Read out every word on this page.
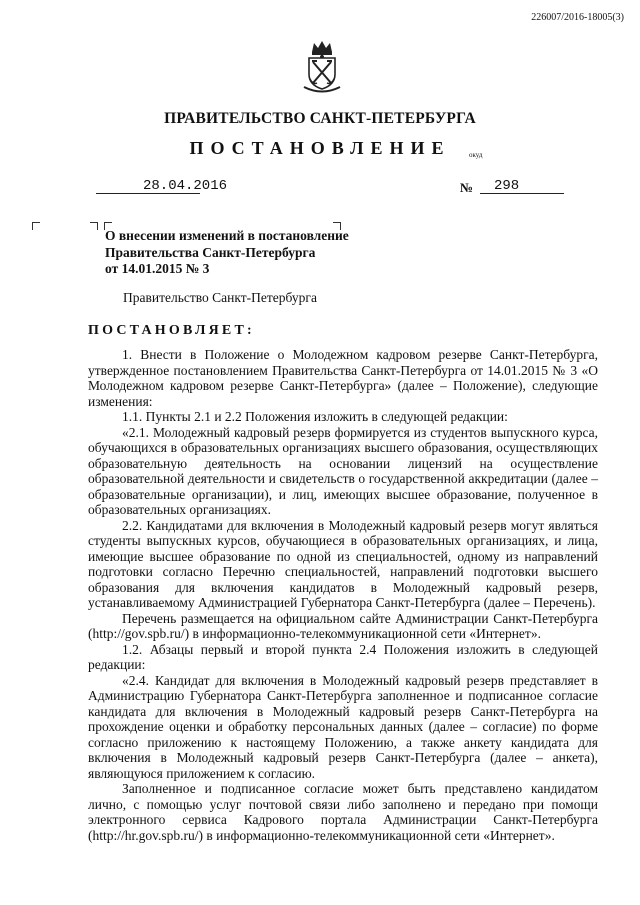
226007/2016-18005(3)
ПРАВИТЕЛЬСТВО САНКТ-ПЕТЕРБУРГА
ПОСТАНОВЛЕНИЕ	окуд
28.04.2016	№ 298
О внесении изменений в постановление
Правительства Санкт-Петербурга
от 14.01.2015 № 3
Правительство Санкт-Петербурга
ПОСТАНОВЛЯЕТ:

1. Внести в Положение о Молодежном кадровом резерве Санкт-Петербурга, утвержденное постановлением Правительства Санкт-Петербурга от 14.01.2015 № 3 «О Молодежном кадровом резерве Санкт-Петербурга» (далее – Положение), следующие изменения:

1.1. Пункты 2.1 и 2.2 Положения изложить в следующей редакции:

«2.1. Молодежный кадровый резерв формируется из студентов выпускного курса, обучающихся в образовательных организациях высшего образования, осуществляющих образовательную деятельность на основании лицензий на осуществление образовательной деятельности и свидетельств о государственной аккредитации (далее – образовательные организации), и лиц, имеющих высшее образование, полученное в образовательных организациях.

2.2. Кандидатами для включения в Молодежный кадровый резерв могут являться студенты выпускных курсов, обучающиеся в образовательных организациях, и лица, имеющие высшее образование по одной из специальностей, одному из направлений подготовки согласно Перечню специальностей, направлений подготовки высшего образования для включения кандидатов в Молодежный кадровый резерв, устанавливаемому Администрацией Губернатора Санкт-Петербурга (далее – Перечень).

Перечень размещается на официальном сайте Администрации Санкт-Петербурга (http://gov.spb.ru/) в информационно-телекоммуникационной сети «Интернет».

1.2. Абзацы первый и второй пункта 2.4 Положения изложить в следующей редакции:

«2.4. Кандидат для включения в Молодежный кадровый резерв представляет в Администрацию Губернатора Санкт-Петербурга заполненное и подписанное согласие кандидата для включения в Молодежный кадровый резерв Санкт-Петербурга на прохождение оценки и обработку персональных данных (далее – согласие) по форме согласно приложению к настоящему Положению, а также анкету кандидата для включения в Молодежный кадровый резерв Санкт-Петербурга (далее – анкета), являющуюся приложением к согласию.

Заполненное и подписанное согласие может быть представлено кандидатом лично, с помощью услуг почтовой связи либо заполнено и передано при помощи электронного сервиса Кадрового портала Администрации Санкт-Петербурга (http://hr.gov.spb.ru/) в информационно-телекоммуникационной сети «Интернет».
